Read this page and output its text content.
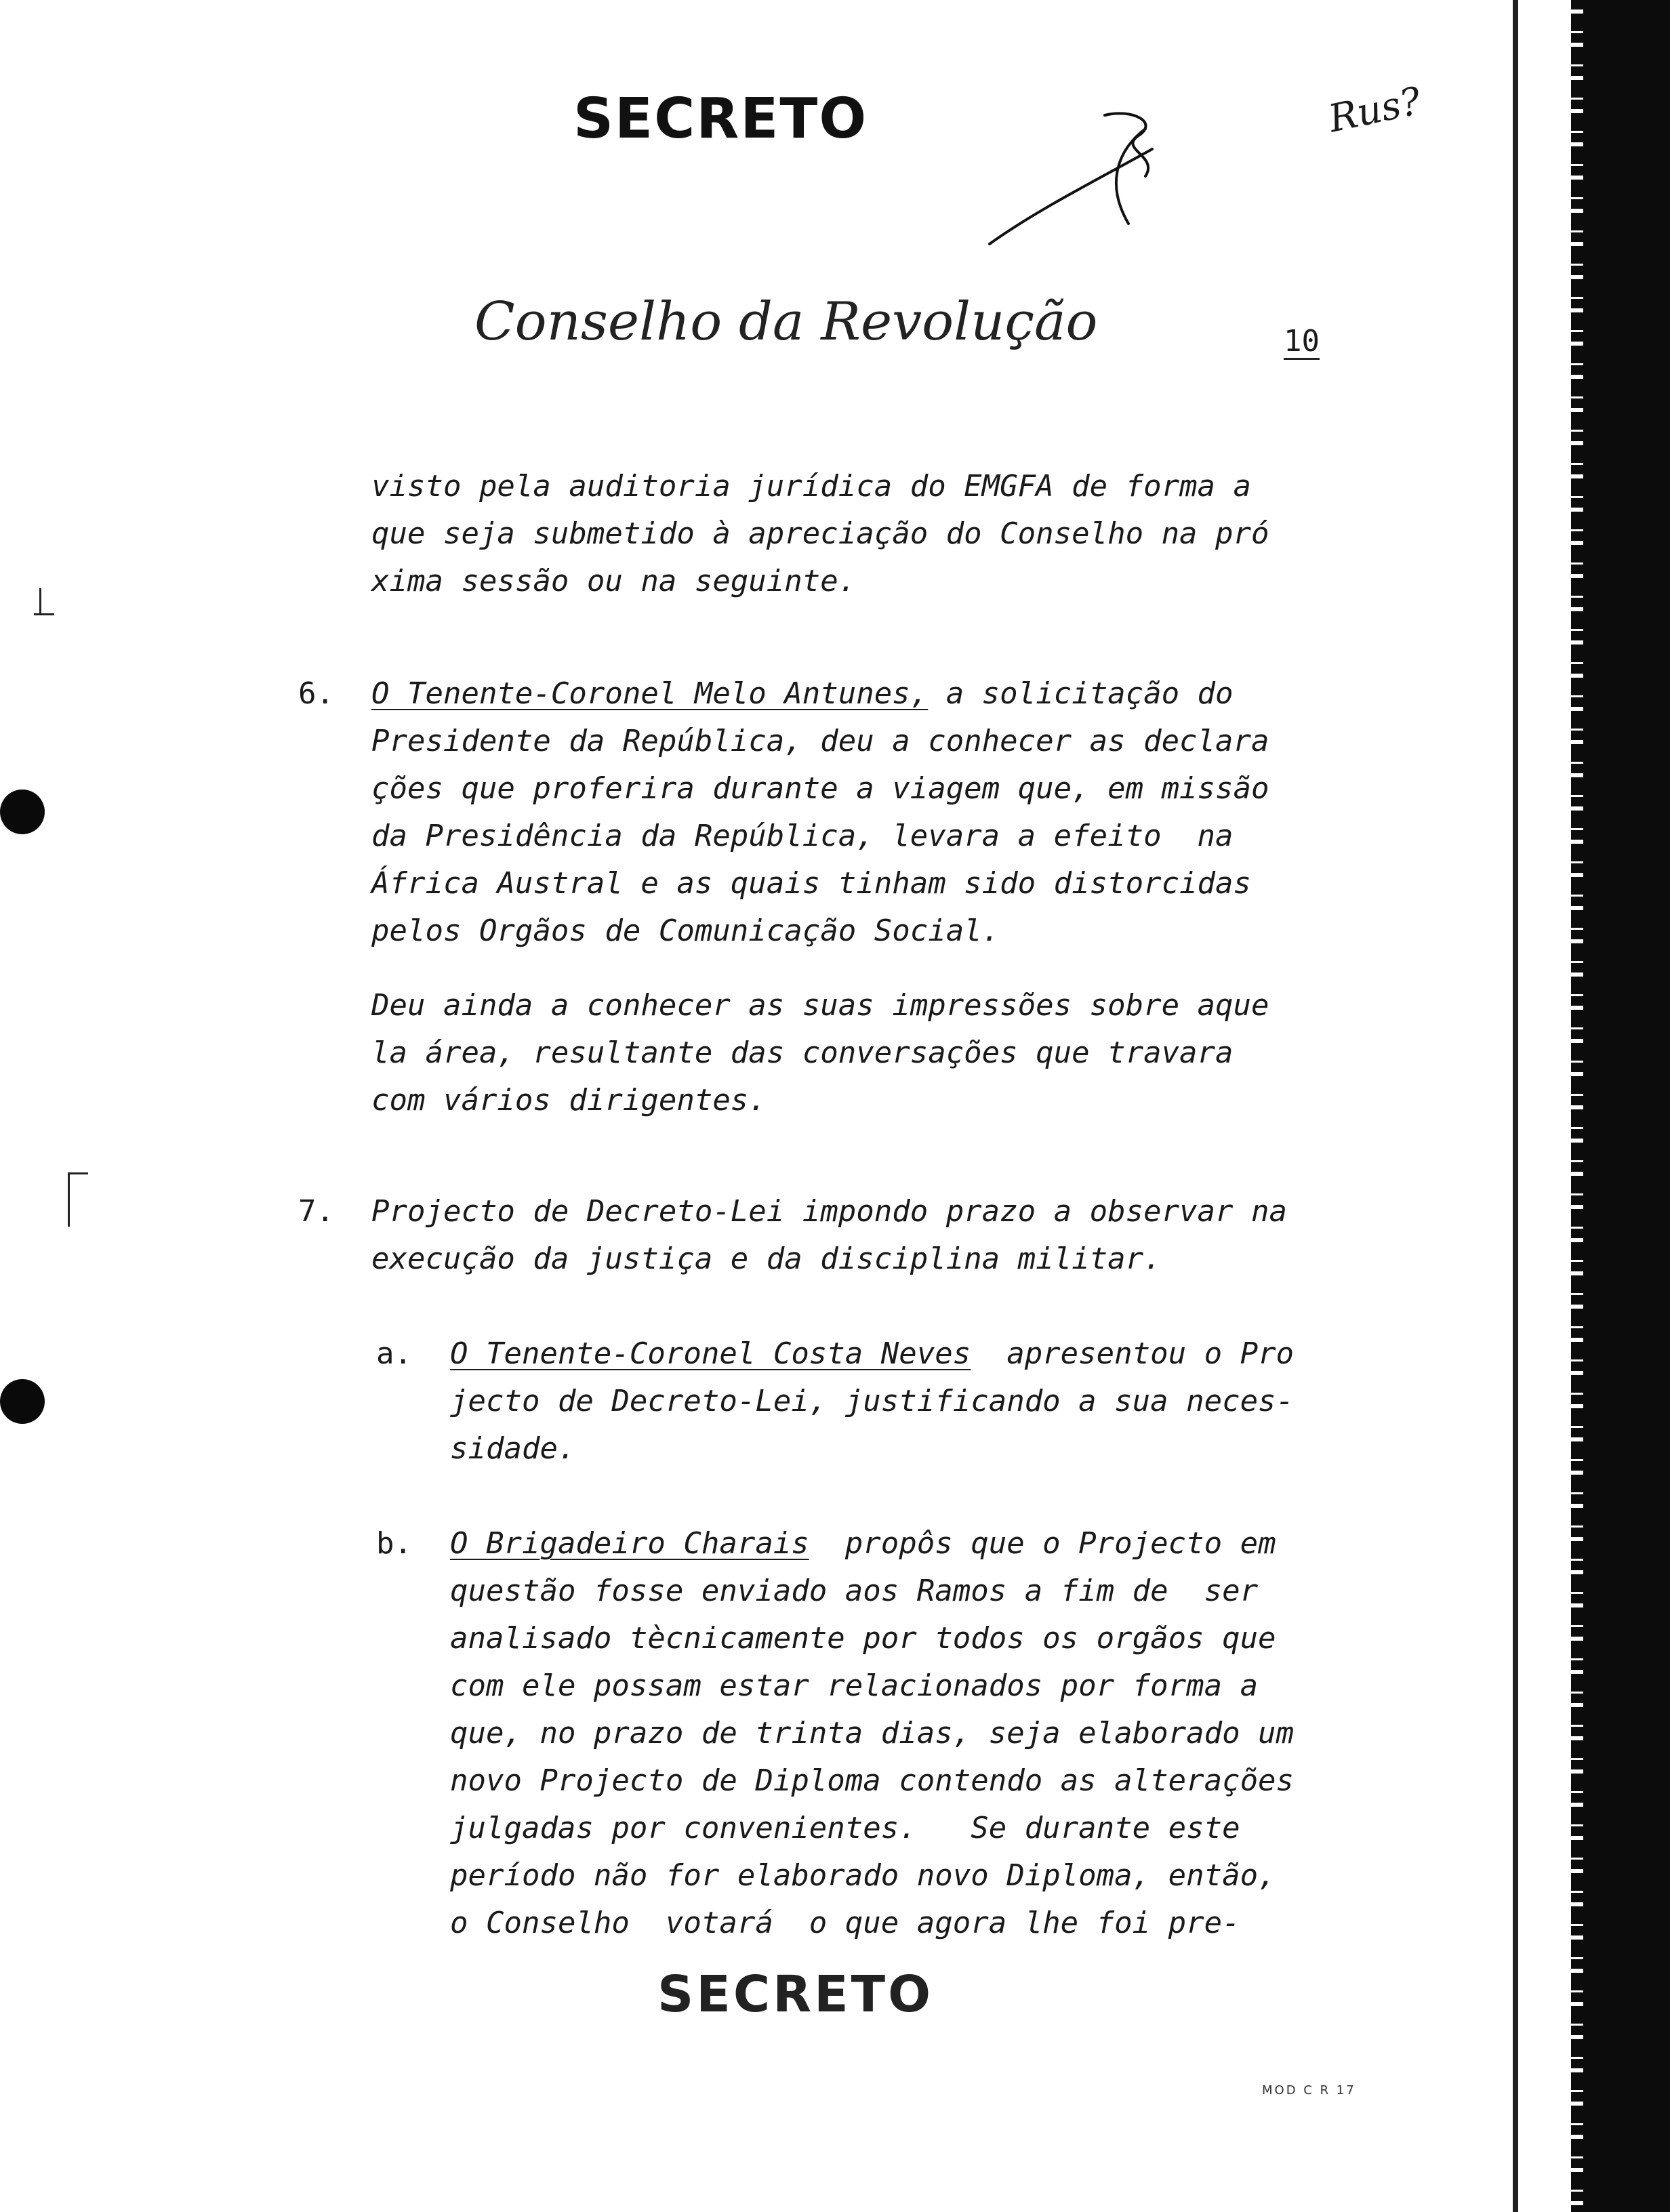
SECRETO	Rus?
Conselho da Revolução	10
visto pela auditoria jurídica do EMGFA de forma a
que seja submetido à apreciação do Conselho na pró
xima sessão ou na seguinte.
6. O Tenente-Coronel Melo Antunes, a solicitação do
Presidente da República, deu a conhecer as declara
ções que proferira durante a viagem que, em missão
da Presidência da República, levara a efeito  na
África Austral e as quais tinham sido distorcidas
pelos Orgãos de Comunicação Social.
Deu ainda a conhecer as suas impressões sobre aque
la área, resultante das conversações que travara
com vários dirigentes.
7. Projecto de Decreto-Lei impondo prazo a observar na
execução da justiça e da disciplina militar.
a. O Tenente-Coronel Costa Neves  apresentou o Pro
jecto de Decreto-Lei, justificando a sua neces-
sidade.
b. O Brigadeiro Charais  propôs que o Projecto em
questão fosse enviado aos Ramos a fim de  ser
analisado tècnicamente por todos os orgãos que
com ele possam estar relacionados por forma a
que, no prazo de trinta dias, seja elaborado um
novo Projecto de Diploma contendo as alterações
julgadas por convenientes.   Se durante este
período não for elaborado novo Diploma, então,
o Conselho  votará  o que agora lhe foi pre-
SECRETO
MOD C R 17
